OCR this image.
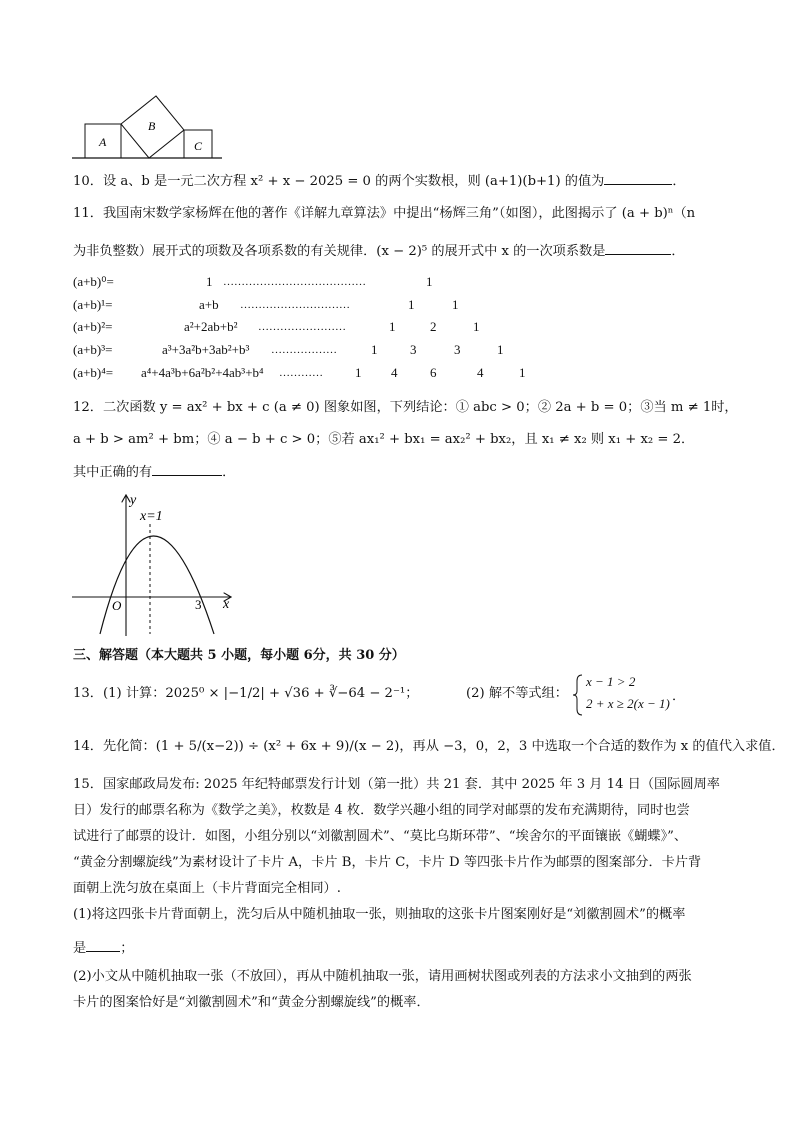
A
B
C
10．设 a、b 是一元二次方程 x² + x − 2025 = 0 的两个实数根，则 (a+1)(b+1) 的值为	．
11．我国南宋数学家杨辉在他的著作《详解九章算法》中提出“杨辉三角”（如图），此图揭示了 (a + b)ⁿ（n
为非负整数）展开式的项数及各项系数的有关规律．(x − 2)⁵ 的展开式中 x 的一次项系数是	．
(a+b)⁰=	1 …………………………………	1
(a+b)¹=	a+b …………………………	1	1
(a+b)²=	a²+2ab+b² ……………………	1	2	1
(a+b)³=	a³+3a²b+3ab²+b³ ………………	1	3	3	1
(a+b)⁴= a⁴+4a³b+6a²b²+4ab³+b⁴ ………… 1 4	6	4	1
12．二次函数 y = ax² + bx + c (a ≠ 0) 图象如图，下列结论：① abc > 0；② 2a + b = 0；③当 m ≠ 1时，
a + b > am² + bm；④ a − b + c > 0；⑤若 ax₁² + bx₁ = ax₂² + bx₂，且 x₁ ≠ x₂ 则 x₁ + x₂ = 2．
其中正确的有	．
y
x
x=1
O	3
三、解答题（本大题共 5 小题，每小题 6分，共 30 分）
13．(1) 计算：2025⁰ × |−1/2| + √36 + ∛−64 − 2⁻¹；	(2) 解不等式组：
x − 1 > 2
2 + x ≥ 2(x − 1) ．
14．先化简：(1 + 5/(x−2)) ÷ (x² + 6x + 9)/(x − 2)，再从 −3，0，2，3 中选取一个合适的数作为 x 的值代入求值．
15．国家邮政局发布: 2025 年纪特邮票发行计划（第一批）共 21 套．其中 2025 年 3 月 14 日（国际圆周率
日）发行的邮票名称为《数学之美》，枚数是 4 枚．数学兴趣小组的同学对邮票的发布充满期待，同时也尝
试进行了邮票的设计．如图，小组分别以“刘徽割圆术”、“莫比乌斯环带”、“埃舍尔的平面镶嵌《蝴蝶》”、
“黄金分割螺旋线”为素材设计了卡片 A，卡片 B，卡片 C，卡片 D 等四张卡片作为邮票的图案部分．卡片背
面朝上洗匀放在桌面上（卡片背面完全相同）.
(1)将这四张卡片背面朝上，洗匀后从中随机抽取一张，则抽取的这张卡片图案刚好是“刘徽割圆术”的概率
是	；
(2)小文从中随机抽取一张（不放回），再从中随机抽取一张，请用画树状图或列表的方法求小文抽到的两张
卡片的图案恰好是“刘徽割圆术”和“黄金分割螺旋线”的概率．
